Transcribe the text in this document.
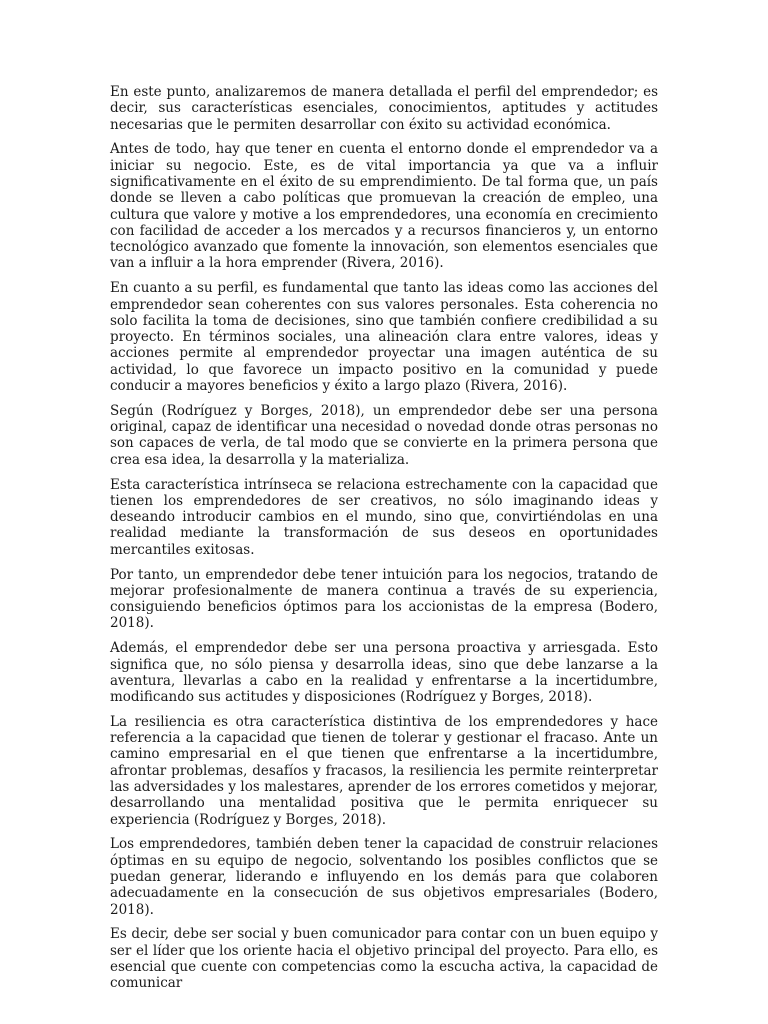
En este punto, analizaremos de manera detallada el perfil del emprendedor; es decir, sus características esenciales, conocimientos, aptitudes y actitudes necesarias que le permiten desarrollar con éxito su actividad económica.

Antes de todo, hay que tener en cuenta el entorno donde el emprendedor va a iniciar su negocio. Este, es de vital importancia ya que va a influir significativamente en el éxito de su emprendimiento. De tal forma que, un país donde se lleven a cabo políticas que promuevan la creación de empleo, una cultura que valore y motive a los emprendedores, una economía en crecimiento con facilidad de acceder a los mercados y a recursos financieros y, un entorno tecnológico avanzado que fomente la innovación, son elementos esenciales que van a influir a la hora emprender (Rivera, 2016).

En cuanto a su perfil, es fundamental que tanto las ideas como las acciones del emprendedor sean coherentes con sus valores personales. Esta coherencia no solo facilita la toma de decisiones, sino que también confiere credibilidad a su proyecto. En términos sociales, una alineación clara entre valores, ideas y acciones permite al emprendedor proyectar una imagen auténtica de su actividad, lo que favorece un impacto positivo en la comunidad y puede conducir a mayores beneficios y éxito a largo plazo (Rivera, 2016).

Según (Rodríguez y Borges, 2018), un emprendedor debe ser una persona original, capaz de identificar una necesidad o novedad donde otras personas no son capaces de verla, de tal modo que se convierte en la primera persona que crea esa idea, la desarrolla y la materializa.

Esta característica intrínseca se relaciona estrechamente con la capacidad que tienen los emprendedores de ser creativos, no sólo imaginando ideas y deseando introducir cambios en el mundo, sino que, convirtiéndolas en una realidad mediante la transformación de sus deseos en oportunidades mercantiles exitosas.

Por tanto, un emprendedor debe tener intuición para los negocios, tratando de mejorar profesionalmente de manera continua a través de su experiencia, consiguiendo beneficios óptimos para los accionistas de la empresa (Bodero, 2018).

Además, el emprendedor debe ser una persona proactiva y arriesgada. Esto significa que, no sólo piensa y desarrolla ideas, sino que debe lanzarse a la aventura, llevarlas a cabo en la realidad y enfrentarse a la incertidumbre, modificando sus actitudes y disposiciones (Rodríguez y Borges, 2018).

La resiliencia es otra característica distintiva de los emprendedores y hace referencia a la capacidad que tienen de tolerar y gestionar el fracaso. Ante un camino empresarial en el que tienen que enfrentarse a la incertidumbre, afrontar problemas, desafíos y fracasos, la resiliencia les permite reinterpretar las adversidades y los malestares, aprender de los errores cometidos y mejorar, desarrollando una mentalidad positiva que le permita enriquecer su experiencia (Rodríguez y Borges, 2018).

Los emprendedores, también deben tener la capacidad de construir relaciones óptimas en su equipo de negocio, solventando los posibles conflictos que se puedan generar, liderando e influyendo en los demás para que colaboren adecuadamente en la consecución de sus objetivos empresariales (Bodero, 2018).

Es decir, debe ser social y buen comunicador para contar con un buen equipo y ser el líder que los oriente hacia el objetivo principal del proyecto. Para ello, es esencial que cuente con competencias como la escucha activa, la capacidad de comunicar
